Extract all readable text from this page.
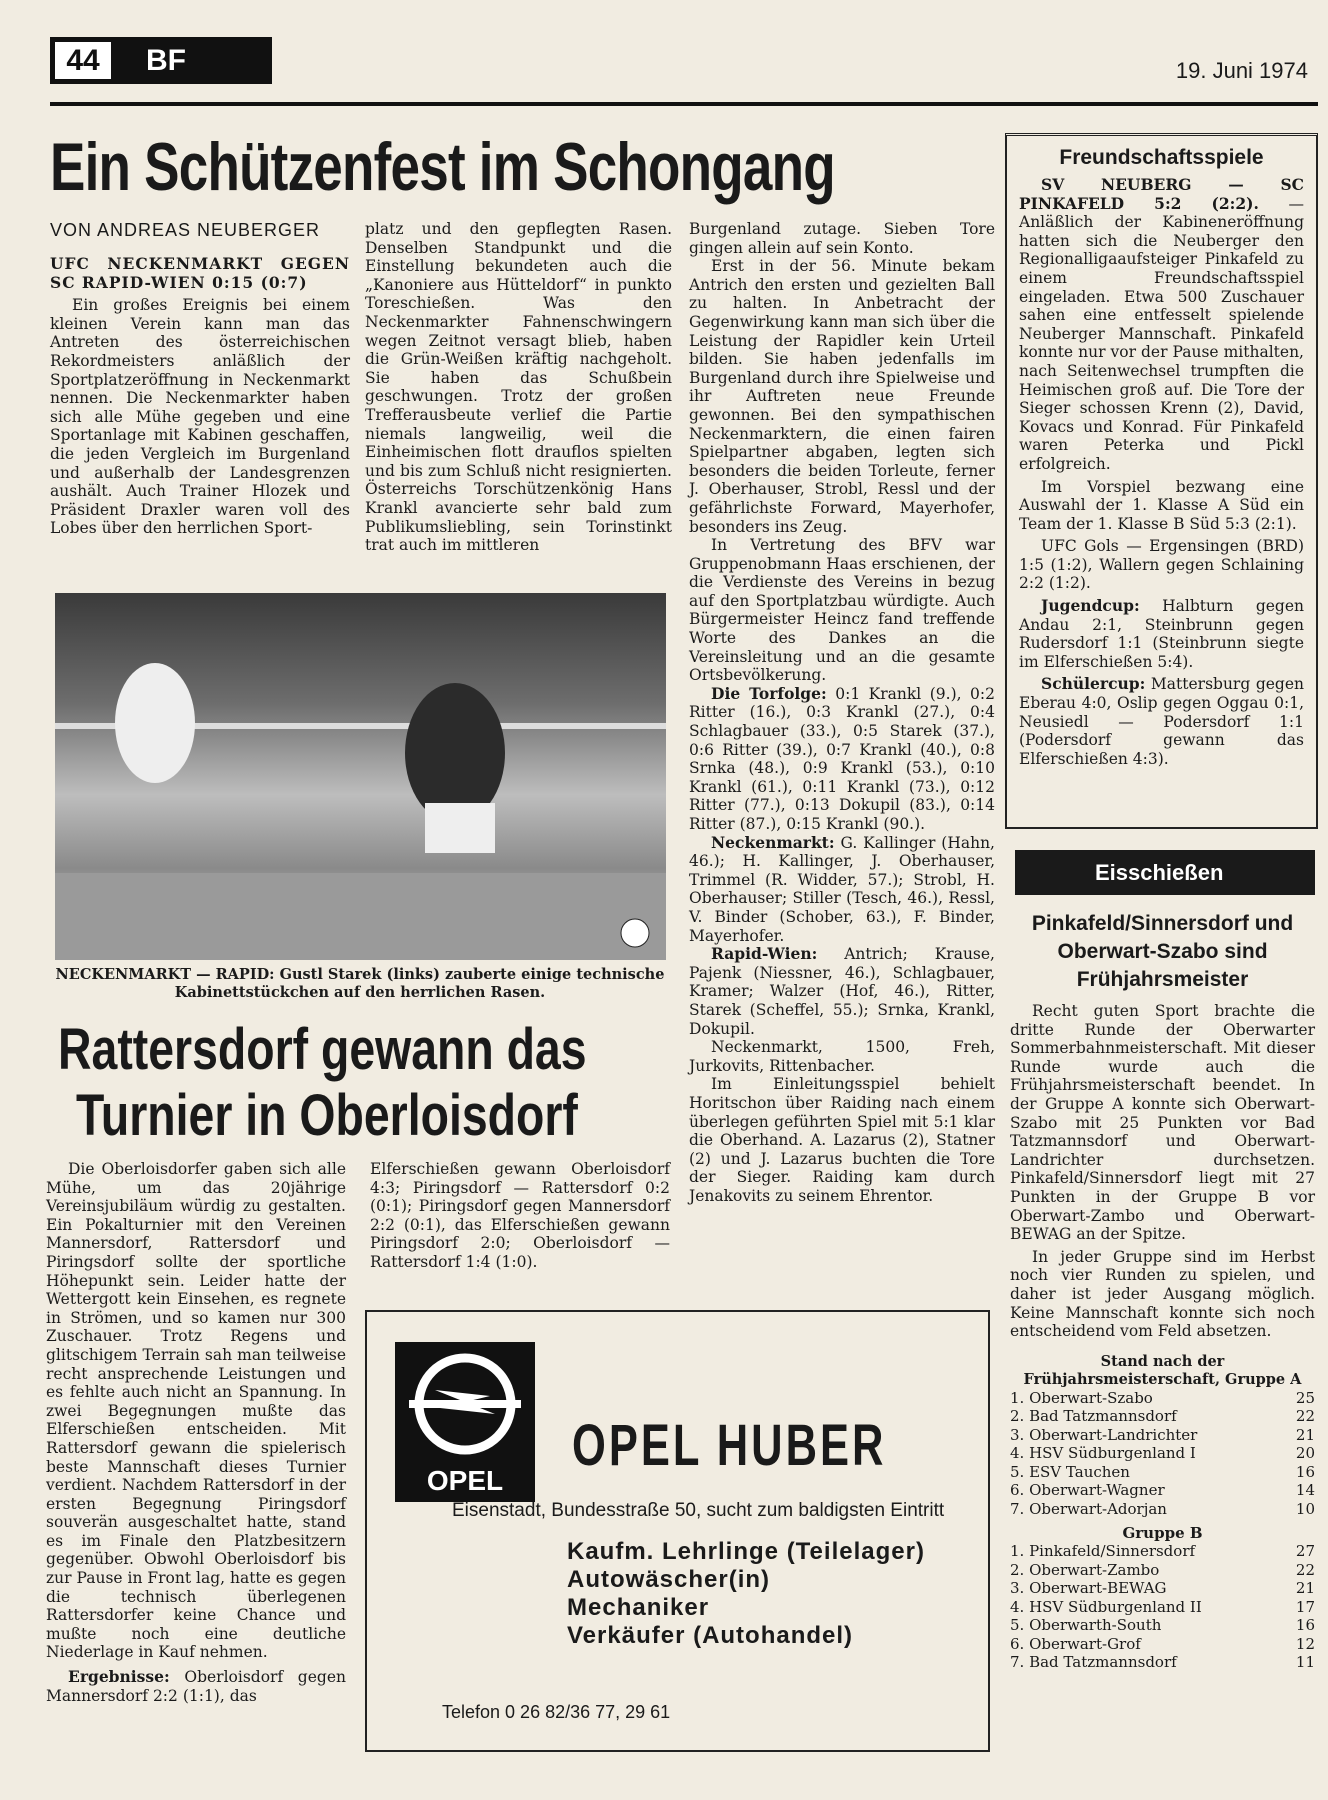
44	BF	19. Juni 1974
Ein Schützenfest im Schongang
VON ANDREAS NEUBERGER
UFC NECKENMARKT GEGEN SC RAPID-WIEN 0:15 (0:7)

Ein großes Ereignis bei einem kleinen Verein kann man das Antreten des österreichischen Rekordmeisters anläßlich der Sportplatzeröffnung in Neckenmarkt nennen. Die Neckenmarkter haben sich alle Mühe gegeben und eine Sportanlage mit Kabinen geschaffen, die jeden Vergleich im Burgenland und außerhalb der Landesgrenzen aushält. Auch Trainer Hlozek und Präsident Draxler waren voll des Lobes über den herrlichen Sport-

platz und den gepflegten Rasen. Denselben Standpunkt und die Einstellung bekundeten auch die „Kanoniere aus Hütteldorf“ in punkto Toreschießen. Was den Neckenmarkter Fahnenschwingern wegen Zeitnot versagt blieb, haben die Grün-Weißen kräftig nachgeholt. Sie haben das Schußbein geschwungen. Trotz der großen Trefferausbeute verlief die Partie niemals langweilig, weil die Einheimischen flott drauflos spielten und bis zum Schluß nicht resignierten. Österreichs Torschützenkönig Hans Krankl avancierte sehr bald zum Publikumsliebling, sein Torinstinkt trat auch im mittleren

Burgenland zutage. Sieben Tore gingen allein auf sein Konto.

Erst in der 56. Minute bekam Antrich den ersten und gezielten Ball zu halten. In Anbetracht der Gegenwirkung kann man sich über die Leistung der Rapidler kein Urteil bilden. Sie haben jedenfalls im Burgenland durch ihre Spielweise und ihr Auftreten neue Freunde gewonnen. Bei den sympathischen Neckenmarktern, die einen fairen Spielpartner abgaben, legten sich besonders die beiden Torleute, ferner J. Oberhauser, Strobl, Ressl und der gefährlichste Forward, Mayerhofer, besonders ins Zeug.

In Vertretung des BFV war Gruppenobmann Haas erschienen, der die Verdienste des Vereins in bezug auf den Sportplatzbau würdigte. Auch Bürgermeister Heincz fand treffende Worte des Dankes an die Vereinsleitung und an die gesamte Ortsbevölkerung.

Die Torfolge: 0:1 Krankl (9.), 0:2 Ritter (16.), 0:3 Krankl (27.), 0:4 Schlagbauer (33.), 0:5 Starek (37.), 0:6 Ritter (39.), 0:7 Krankl (40.), 0:8 Srnka (48.), 0:9 Krankl (53.), 0:10 Krankl (61.), 0:11 Krankl (73.), 0:12 Ritter (77.), 0:13 Dokupil (83.), 0:14 Ritter (87.), 0:15 Krankl (90.).

Neckenmarkt: G. Kallinger (Hahn, 46.); H. Kallinger, J. Oberhauser, Trimmel (R. Widder, 57.); Strobl, H. Oberhauser; Stiller (Tesch, 46.), Ressl, V. Binder (Schober, 63.), F. Binder, Mayerhofer.

Rapid-Wien: Antrich; Krause, Pajenk (Niessner, 46.), Schlagbauer, Kramer; Walzer (Hof, 46.), Ritter, Starek (Scheffel, 55.); Srnka, Krankl, Dokupil.

Neckenmarkt, 1500, Freh, Jurkovits, Rittenbacher.

Im Einleitungsspiel behielt Horitschon über Raiding nach einem überlegen geführten Spiel mit 5:1 klar die Oberhand. A. Lazarus (2), Statner (2) und J. Lazarus buchten die Tore der Sieger. Raiding kam durch Jenakovits zu seinem Ehrentor.

NECKENMARKT — RAPID: Gustl Starek (links) zauberte einige technische Kabinettstückchen auf den herrlichen Rasen.
Rattersdorf gewann das
Turnier in Oberloisdorf

Die Oberloisdorfer gaben sich alle Mühe, um das 20jährige Vereinsjubiläum würdig zu gestalten. Ein Pokalturnier mit den Vereinen Mannersdorf, Rattersdorf und Piringsdorf sollte der sportliche Höhepunkt sein. Leider hatte der Wettergott kein Einsehen, es regnete in Strömen, und so kamen nur 300 Zuschauer. Trotz Regens und glitschigem Terrain sah man teilweise recht ansprechende Leistungen und es fehlte auch nicht an Spannung. In zwei Begegnungen mußte das Elferschießen entscheiden. Mit Rattersdorf gewann die spielerisch beste Mannschaft dieses Turnier verdient. Nachdem Rattersdorf in der ersten Begegnung Piringsdorf souverän ausgeschaltet hatte, stand es im Finale den Platzbesitzern gegenüber. Obwohl Oberloisdorf bis zur Pause in Front lag, hatte es gegen die technisch überlegenen Rattersdorfer keine Chance und mußte noch eine deutliche Niederlage in Kauf nehmen.

Ergebnisse: Oberloisdorf gegen Mannersdorf 2:2 (1:1), das

Elferschießen gewann Oberloisdorf 4:3; Piringsdorf — Rattersdorf 0:2 (0:1); Piringsdorf gegen Mannersdorf 2:2 (0:1), das Elferschießen gewann Piringsdorf 2:0; Oberloisdorf — Rattersdorf 1:4 (1:0).

Freundschaftsspiele

SV NEUBERG — SC PINKAFELD 5:2 (2:2). — Anläßlich der Kabineneröffnung hatten sich die Neuberger den Regionalligaaufsteiger Pinkafeld zu einem Freundschaftsspiel eingeladen. Etwa 500 Zuschauer sahen eine entfesselt spielende Neuberger Mannschaft. Pinkafeld konnte nur vor der Pause mithalten, nach Seitenwechsel trumpften die Heimischen groß auf. Die Tore der Sieger schossen Krenn (2), David, Kovacs und Konrad. Für Pinkafeld waren Peterka und Pickl erfolgreich.

Im Vorspiel bezwang eine Auswahl der 1. Klasse A Süd ein Team der 1. Klasse B Süd 5:3 (2:1).

UFC Gols — Ergensingen (BRD) 1:5 (1:2), Wallern gegen Schlaining 2:2 (1:2).

Jugendcup: Halbturn gegen Andau 2:1, Steinbrunn gegen Rudersdorf 1:1 (Steinbrunn siegte im Elferschießen 5:4).

Schülercup: Mattersburg gegen Eberau 4:0, Oslip gegen Oggau 0:1, Neusiedl — Podersdorf 1:1 (Podersdorf gewann das Elferschießen 4:3).

Eisschießen
Pinkafeld/Sinnersdorf und Oberwart-Szabo sind Frühjahrsmeister

Recht guten Sport brachte die dritte Runde der Oberwarter Sommerbahnmeisterschaft. Mit dieser Runde wurde auch die Frühjahrsmeisterschaft beendet. In der Gruppe A konnte sich Oberwart-Szabo mit 25 Punkten vor Bad Tatzmannsdorf und Oberwart-Landrichter durchsetzen. Pinkafeld/Sinnersdorf liegt mit 27 Punkten in der Gruppe B vor Oberwart-Zambo und Oberwart-BEWAG an der Spitze.

In jeder Gruppe sind im Herbst noch vier Runden zu spielen, und daher ist jeder Ausgang möglich. Keine Mannschaft konnte sich noch entscheidend vom Feld absetzen.

Stand nach der Frühjahrsmeisterschaft, Gruppe A
1. Oberwart-Szabo	25
2. Bad Tatzmannsdorf	22
3. Oberwart-Landrichter	21
4. HSV Südburgenland I	20
5. ESV Tauchen	16
6. Oberwart-Wagner	14
7. Oberwart-Adorjan	10
Gruppe B
1. Pinkafeld/Sinnersdorf	27
2. Oberwart-Zambo	22
3. Oberwart-BEWAG	21
4. HSV Südburgenland II	17
5. Oberwarth-South	16
6. Oberwart-Grof	12
7. Bad Tatzmannsdorf	11
OPEL
OPEL HUBER
Eisenstadt, Bundesstraße 50, sucht zum baldigsten Eintritt
Kaufm. Lehrlinge (Teilelager)
Autowäscher(in)
Mechaniker
Verkäufer (Autohandel)
Telefon 0 26 82/36 77, 29 61
